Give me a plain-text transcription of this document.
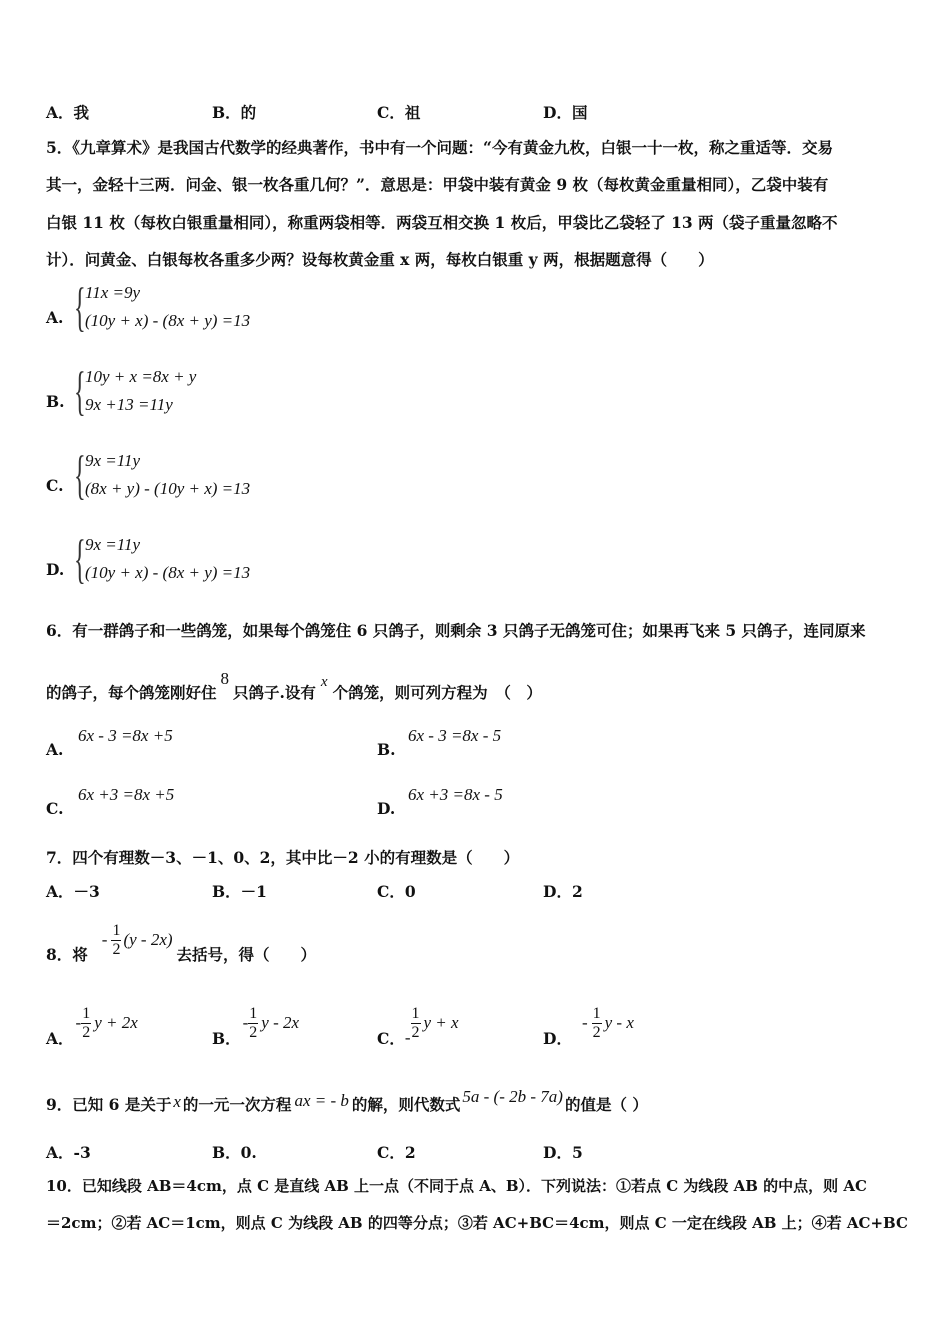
A．我	B．的	C．祖	D．国
5．《九章算术》是我国古代数学的经典著作，书中有一个问题：“今有黄金九枚，白银一十一枚，称之重适等．交易
其一，金轻十三两．问金、银一枚各重几何？”．意思是：甲袋中装有黄金 9 枚（每枚黄金重量相同），乙袋中装有
白银 11 枚（每枚白银重量相同），称重两袋相等．两袋互相交换 1 枚后，甲袋比乙袋轻了 13 两（袋子重量忽略不
计）．问黄金、白银每枚各重多少两？设每枚黄金重 x 两，每枚白银重 y 两，根据题意得（　　）
A. { 11x =9y
(10y + x) - (8x + y) =13
B. { 10y + x =8x + y
9x +13 =11y
C. { 9x =11y
(8x + y) - (10y + x) =13
D. { 9x =11y
(10y + x) - (8x + y) =13
6．有一群鸽子和一些鸽笼，如果每个鸽笼住 6 只鸽子，则剩余 3 只鸽子无鸽笼可住；如果再飞来 5 只鸽子，连同原来
的鸽子，每个鸽笼刚好住8只鸽子.设有x个鸽笼，则可列方程为　（　）
A.
6x - 3 =8x +5
B.
6x - 3 =8x - 5
C.
6x +3 =8x +5
D.
6x +3 =8x - 5
7．四个有理数－3、－1、0、2，其中比－2 小的有理数是（　　）
A．－3	B．－1	C．0	D．2
8．将
- $\frac{1}{2} (y - 2x)$
去括号，得（　　）
A．
- $\frac{1}{2}$ y + 2x
B．
- $\frac{1}{2}$ y - 2x
C． - $\frac{1}{2}$ y + x
D．
- $\frac{1}{2}$ y - x
9．已知 6 是关于 x 的一元一次方程 ax = - b 的解，则代数式 5a - (- 2b - 7a) 的值是（ ）
A．-3	B．0.	C．2	D．5
10．已知线段 AB＝4cm，点 C 是直线 AB 上一点（不同于点 A、B）．下列说法：①若点 C 为线段 AB 的中点，则 AC
＝2cm；②若 AC＝1cm，则点 C 为线段 AB 的四等分点；③若 AC+BC＝4cm，则点 C 一定在线段 AB 上；④若 AC+BC
